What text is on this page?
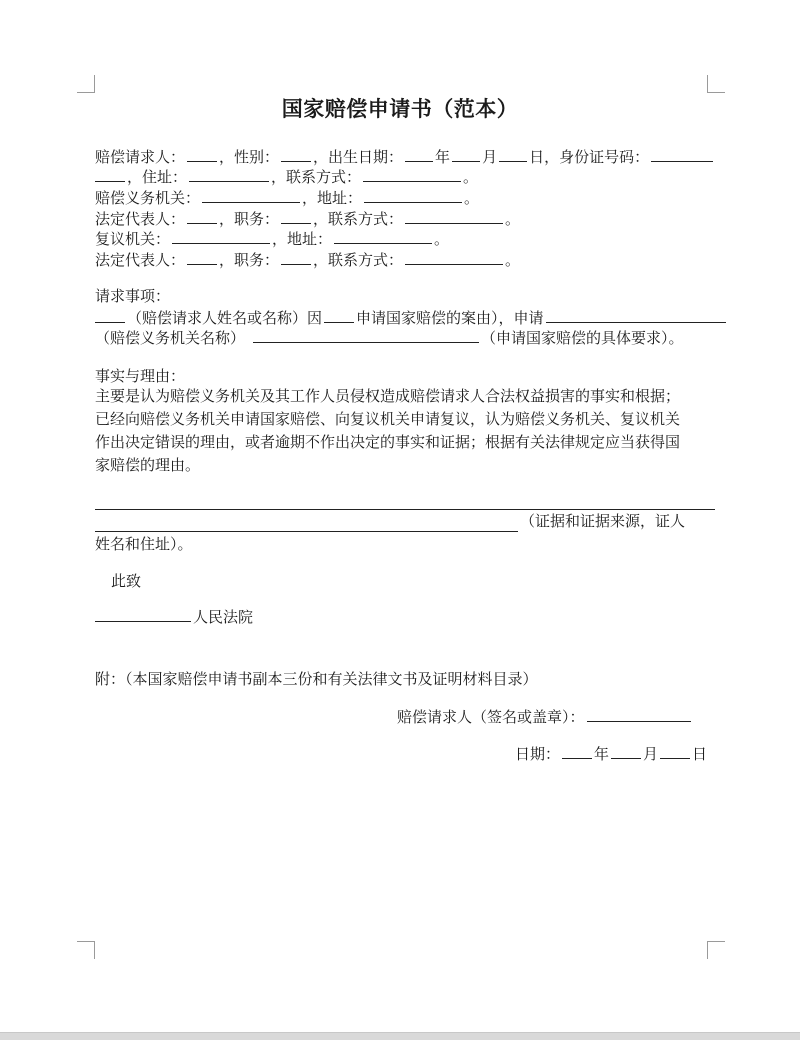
国家赔偿申请书（范本）
赔偿请求人： ，性别： ，出生日期： 年 月 日，身份证号码：
，住址：	，联系方式：	。
赔偿义务机关：	，地址：	。
法定代表人： ，职务： ，联系方式：	。
复议机关：	，地址：	。
法定代表人： ，职务： ，联系方式：	。
请求事项：
（赔偿请求人姓名或名称）因 申请国家赔偿的案由），申请
（赔偿义务机关名称）	（申请国家赔偿的具体要求）。
事实与理由：
主要是认为赔偿义务机关及其工作人员侵权造成赔偿请求人合法权益损害的事实和根据；
已经向赔偿义务机关申请国家赔偿、向复议机关申请复议，认为赔偿义务机关、复议机关
作出决定错误的理由，或者逾期不作出决定的事实和证据；根据有关法律规定应当获得国
家赔偿的理由。
（证据和证据来源，证人
姓名和住址）。
此致
人民法院
附：（本国家赔偿申请书副本三份和有关法律文书及证明材料目录）
赔偿请求人（签名或盖章）：
日期： 年 月 日
